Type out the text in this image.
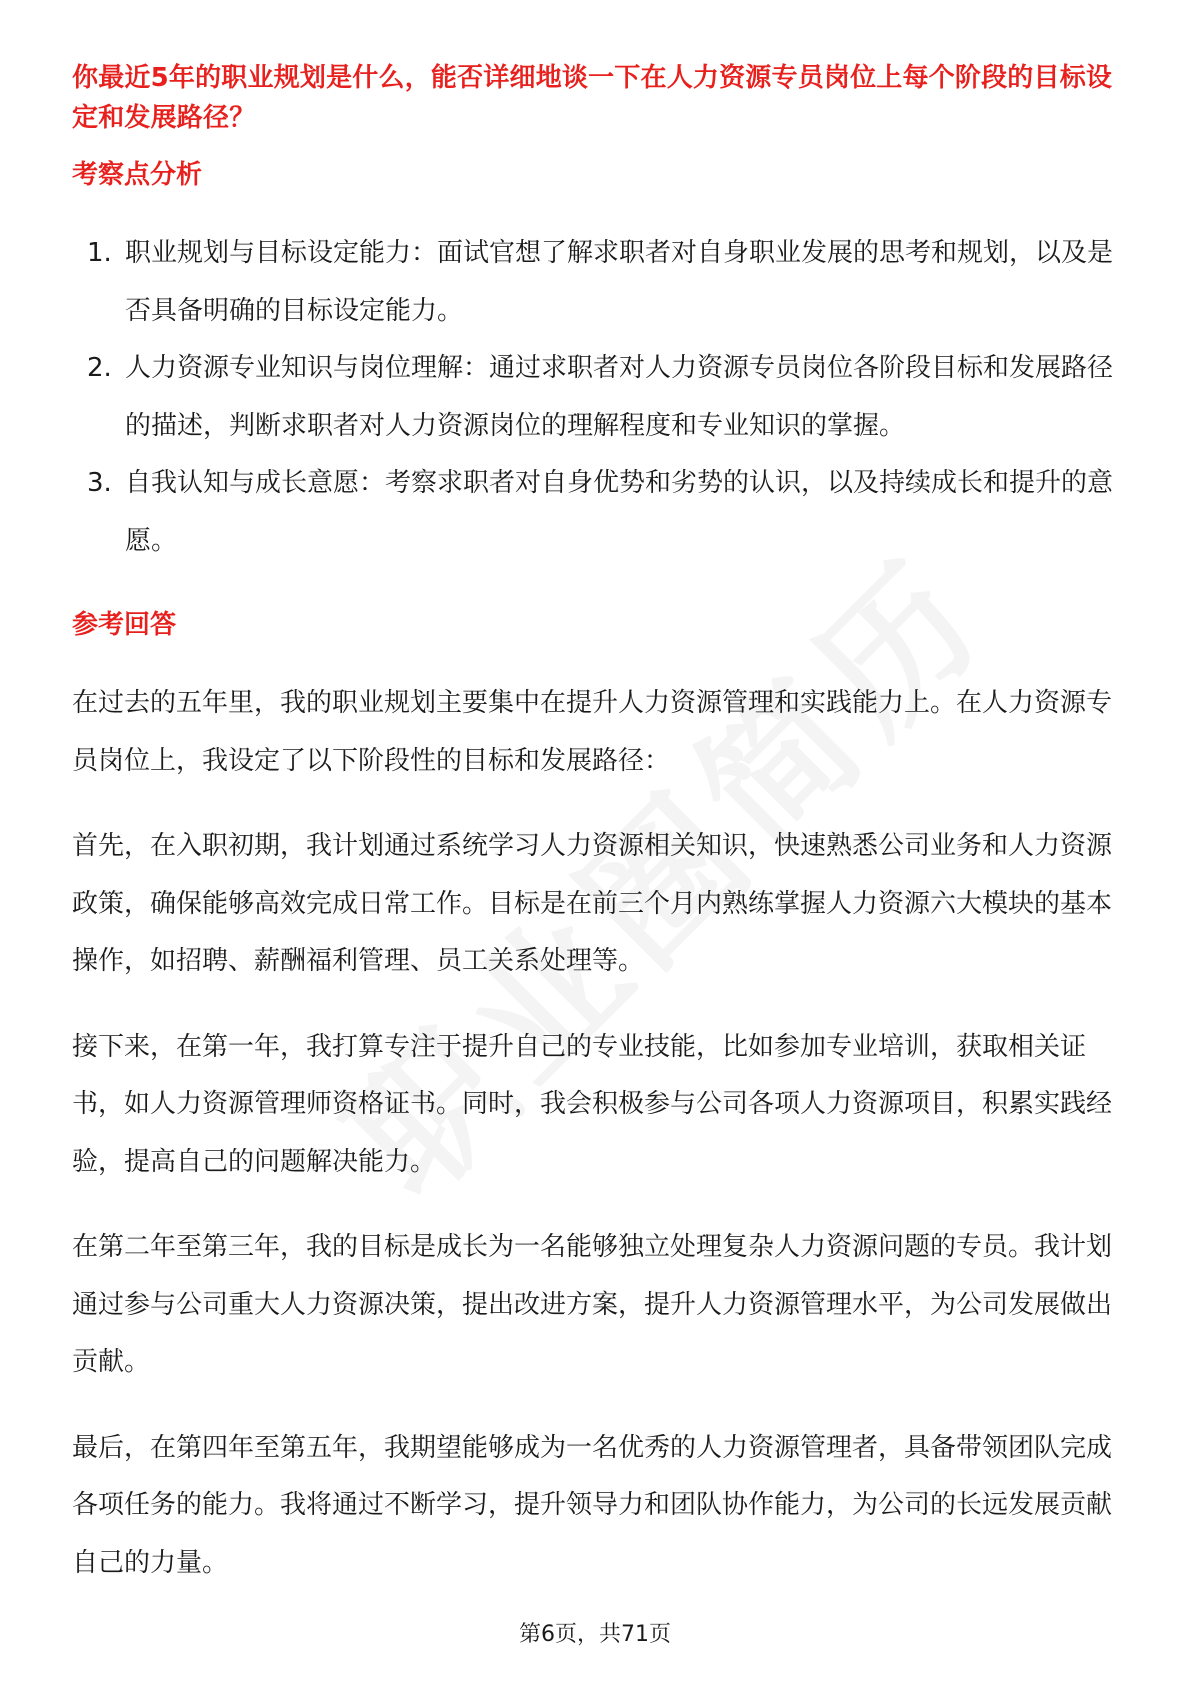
你最近5年的职业规划是什么，能否详细地谈一下在人力资源专员岗位上每个阶段的目标设定和发展路径？
考察点分析
1. 职业规划与目标设定能力：面试官想了解求职者对自身职业发展的思考和规划，以及是否具备明确的目标设定能力。
2. 人力资源专业知识与岗位理解：通过求职者对人力资源专员岗位各阶段目标和发展路径的描述，判断求职者对人力资源岗位的理解程度和专业知识的掌握。
3. 自我认知与成长意愿：考察求职者对自身优势和劣势的认识，以及持续成长和提升的意愿。
参考回答

在过去的五年里，我的职业规划主要集中在提升人力资源管理和实践能力上。在人力资源专员岗位上，我设定了以下阶段性的目标和发展路径：

首先，在入职初期，我计划通过系统学习人力资源相关知识，快速熟悉公司业务和人力资源政策，确保能够高效完成日常工作。目标是在前三个月内熟练掌握人力资源六大模块的基本操作，如招聘、薪酬福利管理、员工关系处理等。

接下来，在第一年，我打算专注于提升自己的专业技能，比如参加专业培训，获取相关证书，如人力资源管理师资格证书。同时，我会积极参与公司各项人力资源项目，积累实践经验，提高自己的问题解决能力。

在第二年至第三年，我的目标是成长为一名能够独立处理复杂人力资源问题的专员。我计划通过参与公司重大人力资源决策，提出改进方案，提升人力资源管理水平，为公司发展做出贡献。

最后，在第四年至第五年，我期望能够成为一名优秀的人力资源管理者，具备带领团队完成各项任务的能力。我将通过不断学习，提升领导力和团队协作能力，为公司的长远发展贡献自己的力量。

第6页，共71页
